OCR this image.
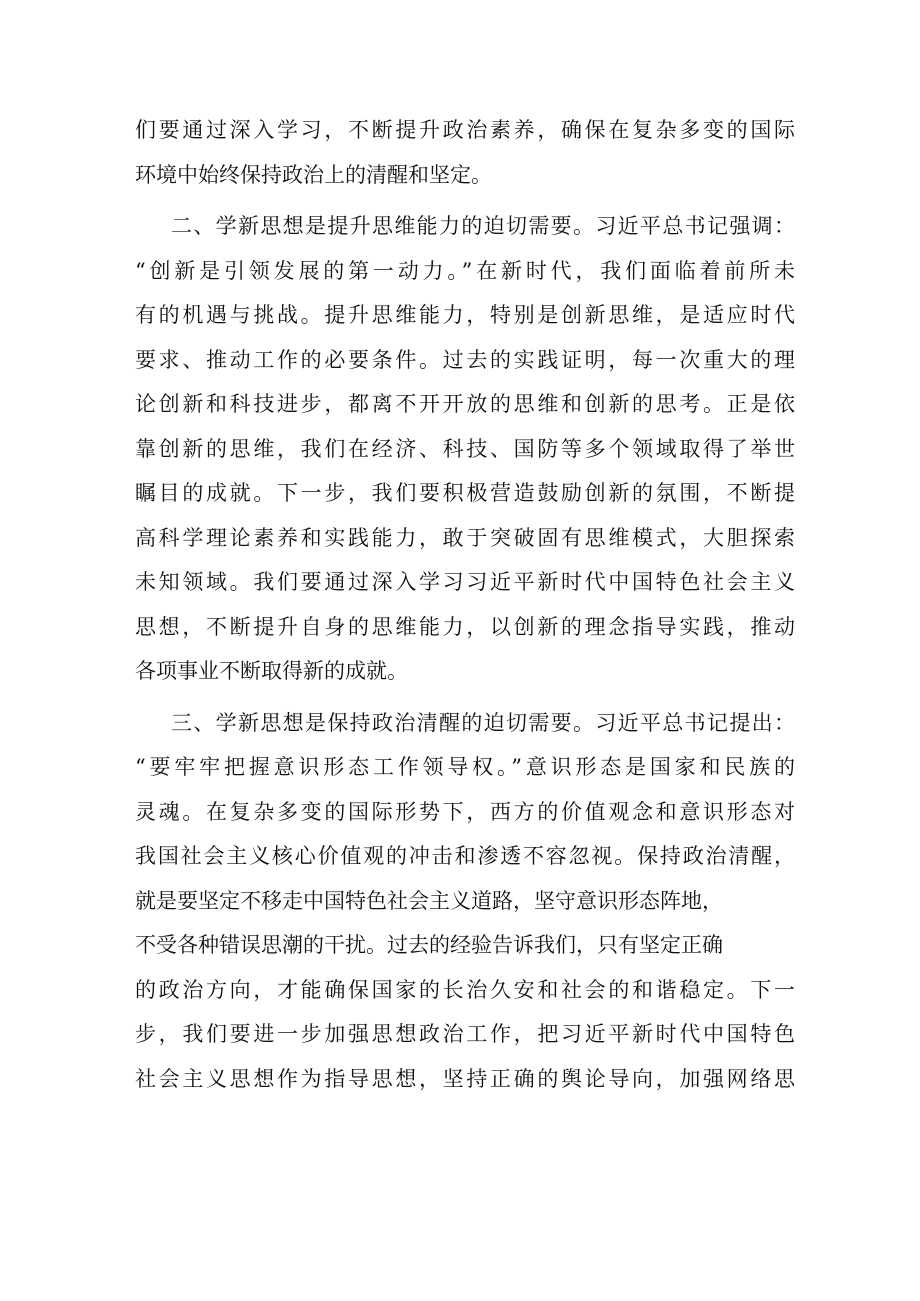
们要通过深入学习，不断提升政治素养，确保在复杂多变的国际
环境中始终保持政治上的清醒和坚定。
二、学新思想是提升思维能力的迫切需要。习近平总书记强调：
“创新是引领发展的第一动力。”在新时代，我们面临着前所未
有的机遇与挑战。提升思维能力，特别是创新思维，是适应时代
要求、推动工作的必要条件。过去的实践证明，每一次重大的理
论创新和科技进步，都离不开开放的思维和创新的思考。正是依
靠创新的思维，我们在经济、科技、国防等多个领域取得了举世
瞩目的成就。下一步，我们要积极营造鼓励创新的氛围，不断提
高科学理论素养和实践能力，敢于突破固有思维模式，大胆探索
未知领域。我们要通过深入学习习近平新时代中国特色社会主义
思想，不断提升自身的思维能力，以创新的理念指导实践，推动
各项事业不断取得新的成就。
三、学新思想是保持政治清醒的迫切需要。习近平总书记提出：
“要牢牢把握意识形态工作领导权。”意识形态是国家和民族的
灵魂。在复杂多变的国际形势下，西方的价值观念和意识形态对
我国社会主义核心价值观的冲击和渗透不容忽视。保持政治清醒，
就是要坚定不移走中国特色社会主义道路，坚守意识形态阵地，
不受各种错误思潮的干扰。过去的经验告诉我们，只有坚定正确
的政治方向，才能确保国家的长治久安和社会的和谐稳定。下一
步，我们要进一步加强思想政治工作，把习近平新时代中国特色
社会主义思想作为指导思想，坚持正确的舆论导向，加强网络思
